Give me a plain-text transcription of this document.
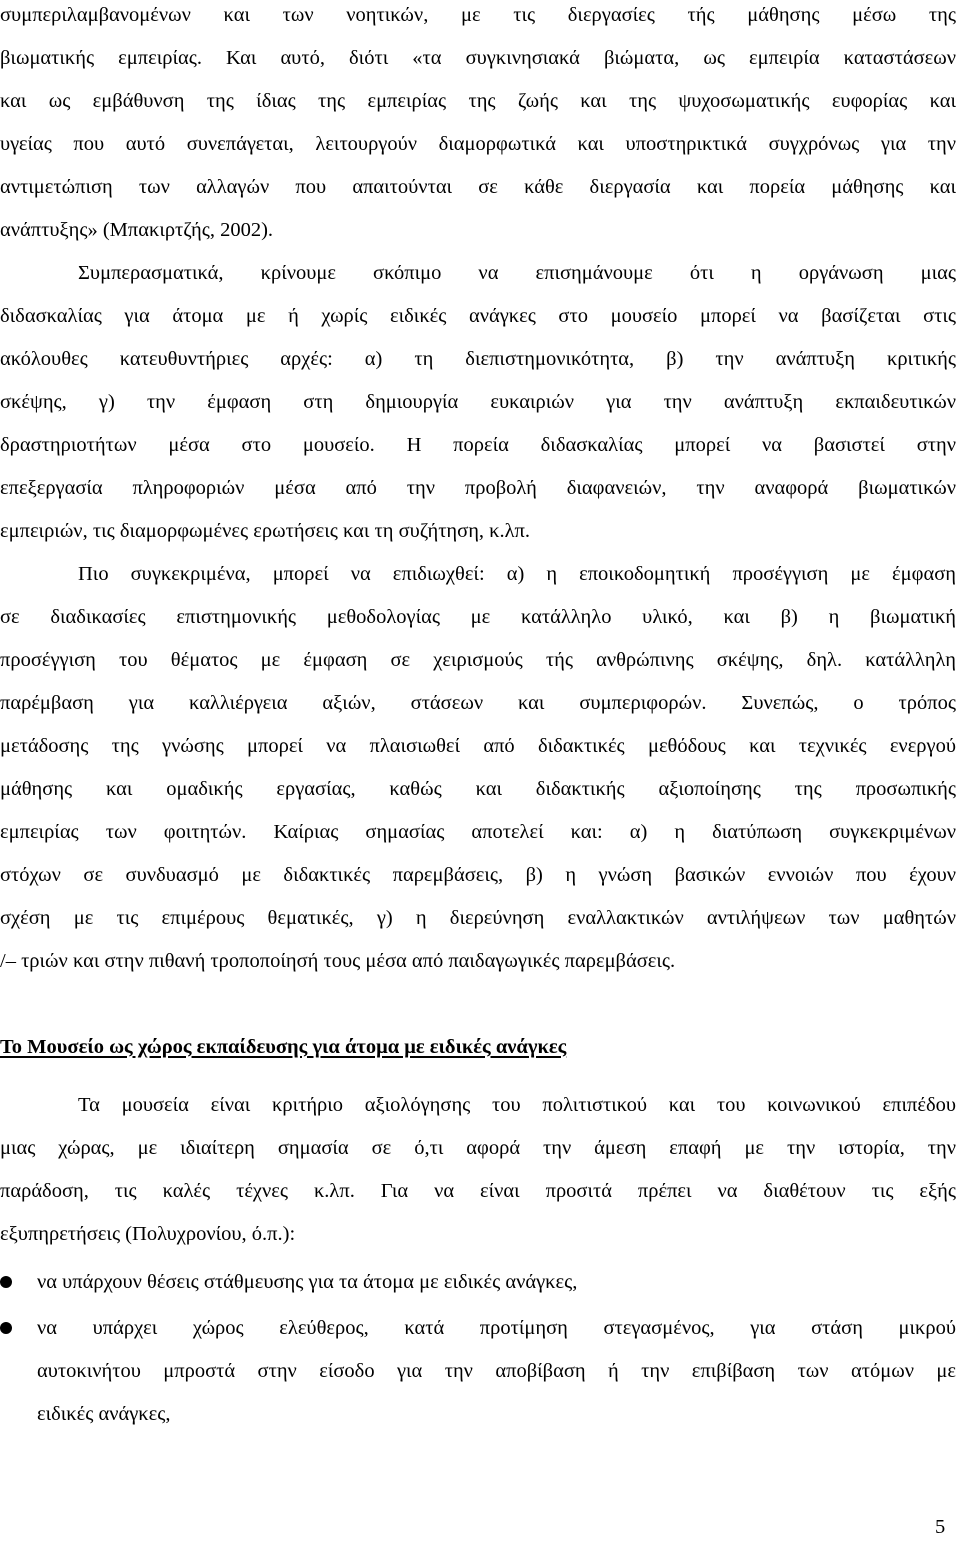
συμπεριλαμβανομένων και των νοητικών, με τις διεργασίες τής μάθησης μέσω της
βιωματικής εμπειρίας. Και αυτό, διότι «τα συγκινησιακά βιώματα, ως εμπειρία καταστάσεων
και ως εμβάθυνση της ίδιας της εμπειρίας της ζωής και της ψυχοσωματικής ευφορίας και
υγείας που αυτό συνεπάγεται, λειτουργούν διαμορφωτικά και υποστηρικτικά συγχρόνως για την
αντιμετώπιση των αλλαγών που απαιτούνται σε κάθε διεργασία και πορεία μάθησης και
ανάπτυξης» (Μπακιρτζής, 2002).
Συμπερασματικά, κρίνουμε σκόπιμο να επισημάνουμε ότι η οργάνωση μιας
διδασκαλίας για άτομα με ή χωρίς ειδικές ανάγκες στο μουσείο μπορεί να βασίζεται στις
ακόλουθες κατευθυντήριες αρχές: α) τη διεπιστημονικότητα, β) την ανάπτυξη κριτικής
σκέψης, γ) την έμφαση στη δημιουργία ευκαιριών για την ανάπτυξη εκπαιδευτικών
δραστηριοτήτων μέσα στο μουσείο. Η πορεία διδασκαλίας μπορεί να βασιστεί στην
επεξεργασία πληροφοριών μέσα από την προβολή διαφανειών, την αναφορά βιωματικών
εμπειριών, τις διαμορφωμένες ερωτήσεις και τη συζήτηση, κ.λπ.
Πιο συγκεκριμένα, μπορεί να επιδιωχθεί: α) η εποικοδομητική προσέγγιση με έμφαση
σε διαδικασίες επιστημονικής μεθοδολογίας με κατάλληλο υλικό, και β) η βιωματική
προσέγγιση του θέματος με έμφαση σε χειρισμούς τής ανθρώπινης σκέψης, δηλ. κατάλληλη
παρέμβαση για καλλιέργεια αξιών, στάσεων και συμπεριφορών. Συνεπώς, ο τρόπος
μετάδοσης της γνώσης μπορεί να πλαισιωθεί από διδακτικές μεθόδους και τεχνικές ενεργού
μάθησης και ομαδικής εργασίας, καθώς και διδακτικής αξιοποίησης της προσωπικής
εμπειρίας των φοιτητών. Καίριας σημασίας αποτελεί και: α) η διατύπωση συγκεκριμένων
στόχων σε συνδυασμό με διδακτικές παρεμβάσεις, β) η γνώση βασικών εννοιών που έχουν
σχέση με τις επιμέρους θεματικές, γ) η διερεύνηση εναλλακτικών αντιλήψεων των μαθητών
/– τριών και στην πιθανή τροποποίησή τους μέσα από παιδαγωγικές παρεμβάσεις.
Το Μουσείο ως χώρος εκπαίδευσης για άτομα με ειδικές ανάγκες
Τα μουσεία είναι κριτήριο αξιολόγησης του πολιτιστικού και του κοινωνικού επιπέδου
μιας χώρας, με ιδιαίτερη σημασία σε ό,τι αφορά την άμεση επαφή με την ιστορία, την
παράδοση, τις καλές τέχνες κ.λπ. Για να είναι προσιτά πρέπει να διαθέτουν τις εξής
εξυπηρετήσεις (Πολυχρονίου, ό.π.):
να υπάρχουν θέσεις στάθμευσης για τα άτομα με ειδικές ανάγκες,
να υπάρχει χώρος ελεύθερος, κατά προτίμηση στεγασμένος, για στάση μικρού
αυτοκινήτου μπροστά στην είσοδο για την αποβίβαση ή την επιβίβαση των ατόμων με
ειδικές ανάγκες,
5
